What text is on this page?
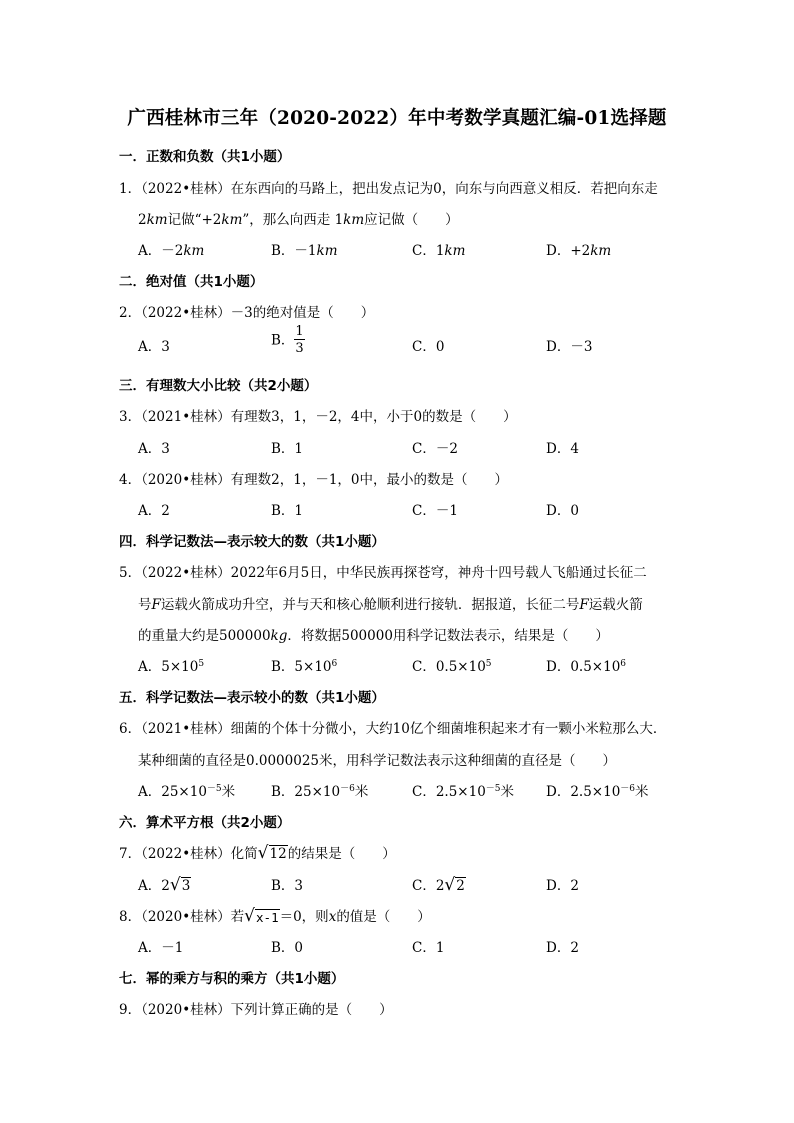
广西桂林市三年（2020-2022）年中考数学真题汇编-01选择题
一．正数和负数（共1小题）
1．（2022•桂林）在东西向的马路上，把出发点记为0，向东与向西意义相反．若把向东走
2km记做“+2km”，那么向西走 1km应记做（　　）
A．－2km	B．－1km	C．1km	D．+2km
二．绝对值（共1小题）
2．（2022•桂林）－3的绝对值是（　　）
A．3	B． $\frac{1}{3}$	C．0	D．－3
三．有理数大小比较（共2小题）
3．（2021•桂林）有理数3，1，－2，4中，小于0的数是（　　）
A．3	B．1	C．－2	D．4
4．（2020•桂林）有理数2，1，－1，0中，最小的数是（　　）
A．2	B．1	C．－1	D．0
四．科学记数法—表示较大的数（共1小题）
5．（2022•桂林）2022年6月5日，中华民族再探苍穹，神舟十四号载人飞船通过长征二
号F运载火箭成功升空，并与天和核心舱顺利进行接轨．据报道，长征二号F运载火箭
的重量大约是500000kg．将数据500000用科学记数法表示，结果是（　　）
A．$5\times 10^5$	B．$5\times 10^6$	C．$0.5\times 10^5$	D．$0.5\times 10^6$
五．科学记数法—表示较小的数（共1小题）
6．（2021•桂林）细菌的个体十分微小，大约10亿个细菌堆积起来才有一颗小米粒那么大．
某种细菌的直径是0.0000025米，用科学记数法表示这种细菌的直径是（　　）
A．$25\times 10^{-5}$米	B．$25\times 10^{-6}$米	C．$2.5\times 10^{-5}$米 D．$2.5\times 10^{-6}$米
六．算术平方根（共2小题）
7．（2022•桂林）化简 √ 12 的结果是（　　）
A．2 √ 3	B．3	C．2 √ 2	D．2
8．（2020•桂林）若 √ x-1 ＝0，则x的值是（　　）
A．－1	B．0	C．1	D．2
七．幂的乘方与积的乘方（共1小题）
9．（2020•桂林）下列计算正确的是（　　）
